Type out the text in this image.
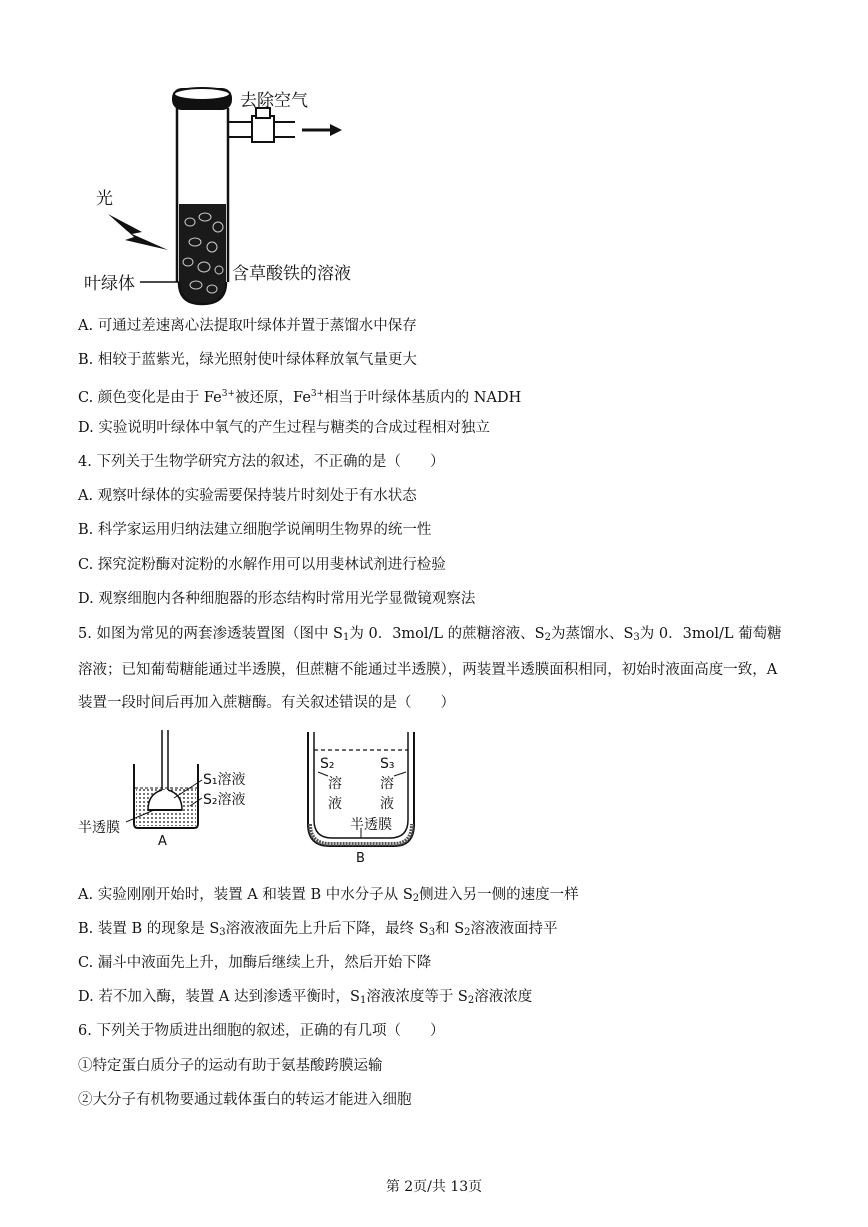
去除空气
光
叶绿体	含草酸铁的溶液
A. 可通过差速离心法提取叶绿体并置于蒸馏水中保存
B. 相较于蓝紫光，绿光照射使叶绿体释放氧气量更大
C. 颜色变化是由于 $Fe^{3+}$被还原，$Fe^{3+}$相当于叶绿体基质内的 NADH
D. 实验说明叶绿体中氧气的产生过程与糖类的合成过程相对独立
4. 下列关于生物学研究方法的叙述，不正确的是（　　）
A. 观察叶绿体的实验需要保持装片时刻处于有水状态
B. 科学家运用归纳法建立细胞学说阐明生物界的统一性
C. 探究淀粉酶对淀粉的水解作用可以用斐林试剂进行检验
D. 观察细胞内各种细胞器的形态结构时常用光学显微镜观察法
5. 如图为常见的两套渗透装置图（图中 $S_1$为 0．3mol/L 的蔗糖溶液、$S_2$为蒸馏水、$S_3$为 0．3mol/L 葡萄糖溶液；已知葡萄糖能通过半透膜，但蔗糖不能通过半透膜），两装置半透膜面积相同，初始时液面高度一致，A 装置一段时间后再加入蔗糖酶。有关叙述错误的是（　　）
S₁溶液
S₂溶液
半透膜
A
S₂	S₃
溶	溶
液	液
半透膜
B
A. 实验刚刚开始时，装置 A 和装置 B 中水分子从 $S_2$侧进入另一侧的速度一样
B. 装置 B 的现象是 $S_3$溶液液面先上升后下降，最终 $S_3$和 $S_2$溶液液面持平
C. 漏斗中液面先上升，加酶后继续上升，然后开始下降
D. 若不加入酶，装置 A 达到渗透平衡时，$S_1$溶液浓度等于 $S_2$溶液浓度
6. 下列关于物质进出细胞的叙述，正确的有几项（　　）
①特定蛋白质分子的运动有助于氨基酸跨膜运输
②大分子有机物要通过载体蛋白的转运才能进入细胞
第 2页/共 13页
